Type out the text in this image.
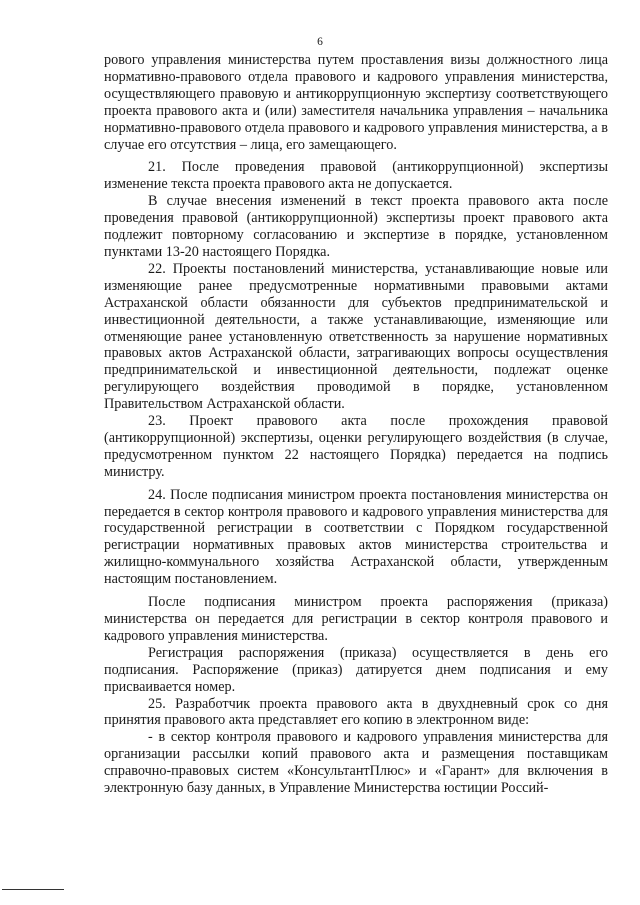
6

рового управления министерства путем проставления визы должностного лица нормативно-правового отдела правового и кадрового управления министерства, осуществляющего правовую и антикоррупционную экспертизу соответствующего проекта правового акта и (или) заместителя начальника управления – начальника нормативно-правового отдела правового и кадрового управления министерства, а в случае его отсутствия – лица, его замещающего.

21. После проведения правовой (антикоррупционной) экспертизы изменение текста проекта правового акта не допускается.

В случае внесения изменений в текст проекта правового акта после проведения правовой (антикоррупционной) экспертизы проект правового акта подлежит повторному согласованию и экспертизе в порядке, установленном пунктами 13-20 настоящего Порядка.

22. Проекты постановлений министерства, устанавливающие новые или изменяющие ранее предусмотренные нормативными правовыми актами Астраханской области обязанности для субъектов предпринимательской и инвестиционной деятельности, а также устанавливающие, изменяющие или отменяющие ранее установленную ответственность за нарушение нормативных правовых актов Астраханской области, затрагивающих вопросы осуществления предпринимательской и инвестиционной деятельности, подлежат оценке регулирующего воздействия проводимой в порядке, установленном Правительством Астраханской области.

23. Проект правового акта после прохождения правовой (антикоррупционной) экспертизы, оценки регулирующего воздействия (в случае, предусмотренном пунктом 22 настоящего Порядка) передается на подпись министру.

24. После подписания министром проекта постановления министерства он передается в сектор контроля правового и кадрового управления министерства для государственной регистрации в соответствии с Порядком государственной регистрации нормативных правовых актов министерства строительства и жилищно-коммунального хозяйства Астраханской области, утвержденным настоящим постановлением.

После подписания министром проекта распоряжения (приказа) министерства он передается для регистрации в сектор контроля правового и кадрового управления министерства.

Регистрация распоряжения (приказа) осуществляется в день его подписания. Распоряжение (приказ) датируется днем подписания и ему присваивается номер.

25. Разработчик проекта правового акта в двухдневный срок со дня принятия правового акта представляет его копию в электронном виде:

- в сектор контроля правового и кадрового управления министерства для организации рассылки копий правового акта и размещения поставщикам справочно-правовых систем «КонсультантПлюс» и «Гарант» для включения в электронную базу данных, в Управление Министерства юстиции Россий-
